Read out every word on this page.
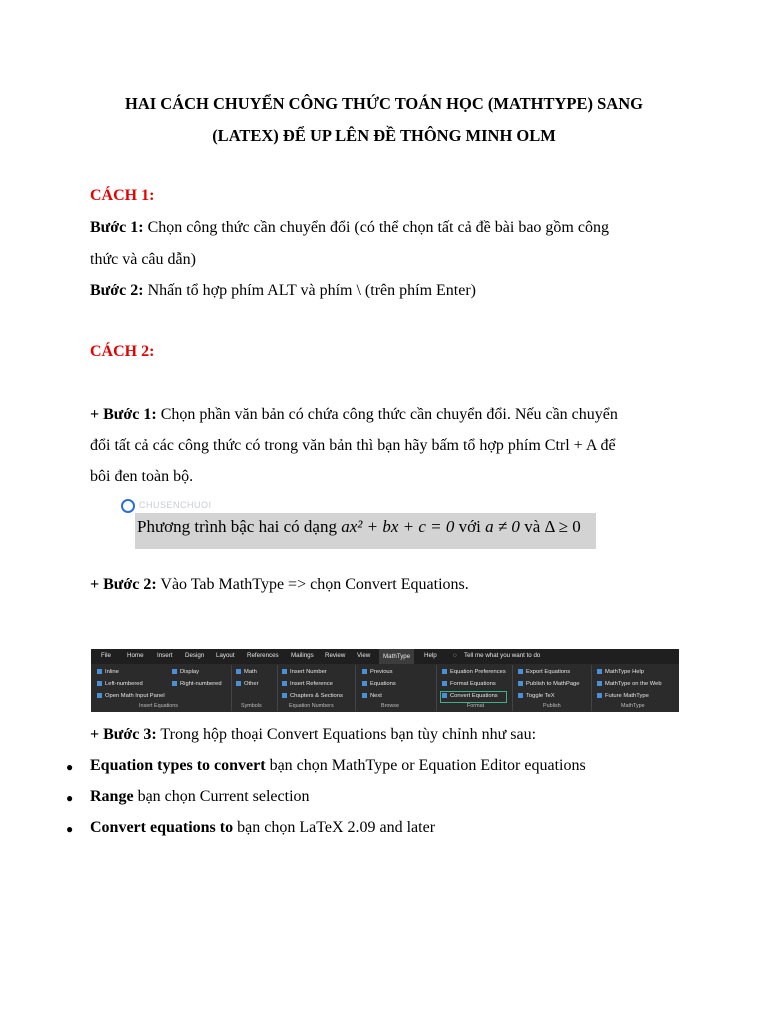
HAI CÁCH CHUYỂN CÔNG THỨC TOÁN HỌC (MATHTYPE) SANG
(LATEX) ĐỂ UP LÊN ĐỀ THÔNG MINH OLM
CÁCH 1:
Bước 1: Chọn công thức cần chuyển đổi (có thể chọn tất cả đề bài bao gồm công
thức và câu dẫn)
Bước 2: Nhấn tổ hợp phím ALT và phím \ (trên phím Enter)
CÁCH 2:
+ Bước 1: Chọn phần văn bản có chứa công thức cần chuyển đổi. Nếu cần chuyển
đổi tất cả các công thức có trong văn bản thì bạn hãy bấm tổ hợp phím Ctrl + A để
bôi đen toàn bộ.
CHUSENCHUOI
Phương trình bậc hai có dạng ax² + bx + c = 0 với a ≠ 0 và Δ ≥ 0
+ Bước 2: Vào Tab MathType => chọn Convert Equations.
File	Home Insert Design Layout References Mailings Review View	MathType	Help	◌ Tell me what you want to do
Inline	Display
Left-numbered	Right-numbered
Open Math Input Panel
Insert Equations
Math
Other
Symbols
Insert Number
Insert Reference
Chapters & Sections
Equation Numbers
Previous
Equations
Next
Browse
Equation Preferences
Format Equations
Convert Equations
Format
Export Equations
Publish to MathPage
Toggle TeX
Publish
MathType Help
MathType on the Web
Future MathType
MathType
+ Bước 3: Trong hộp thoại Convert Equations bạn tùy chỉnh như sau:
● Equation types to convert bạn chọn MathType or Equation Editor equations
● Range bạn chọn Current selection
● Convert equations to bạn chọn LaTeX 2.09 and later
